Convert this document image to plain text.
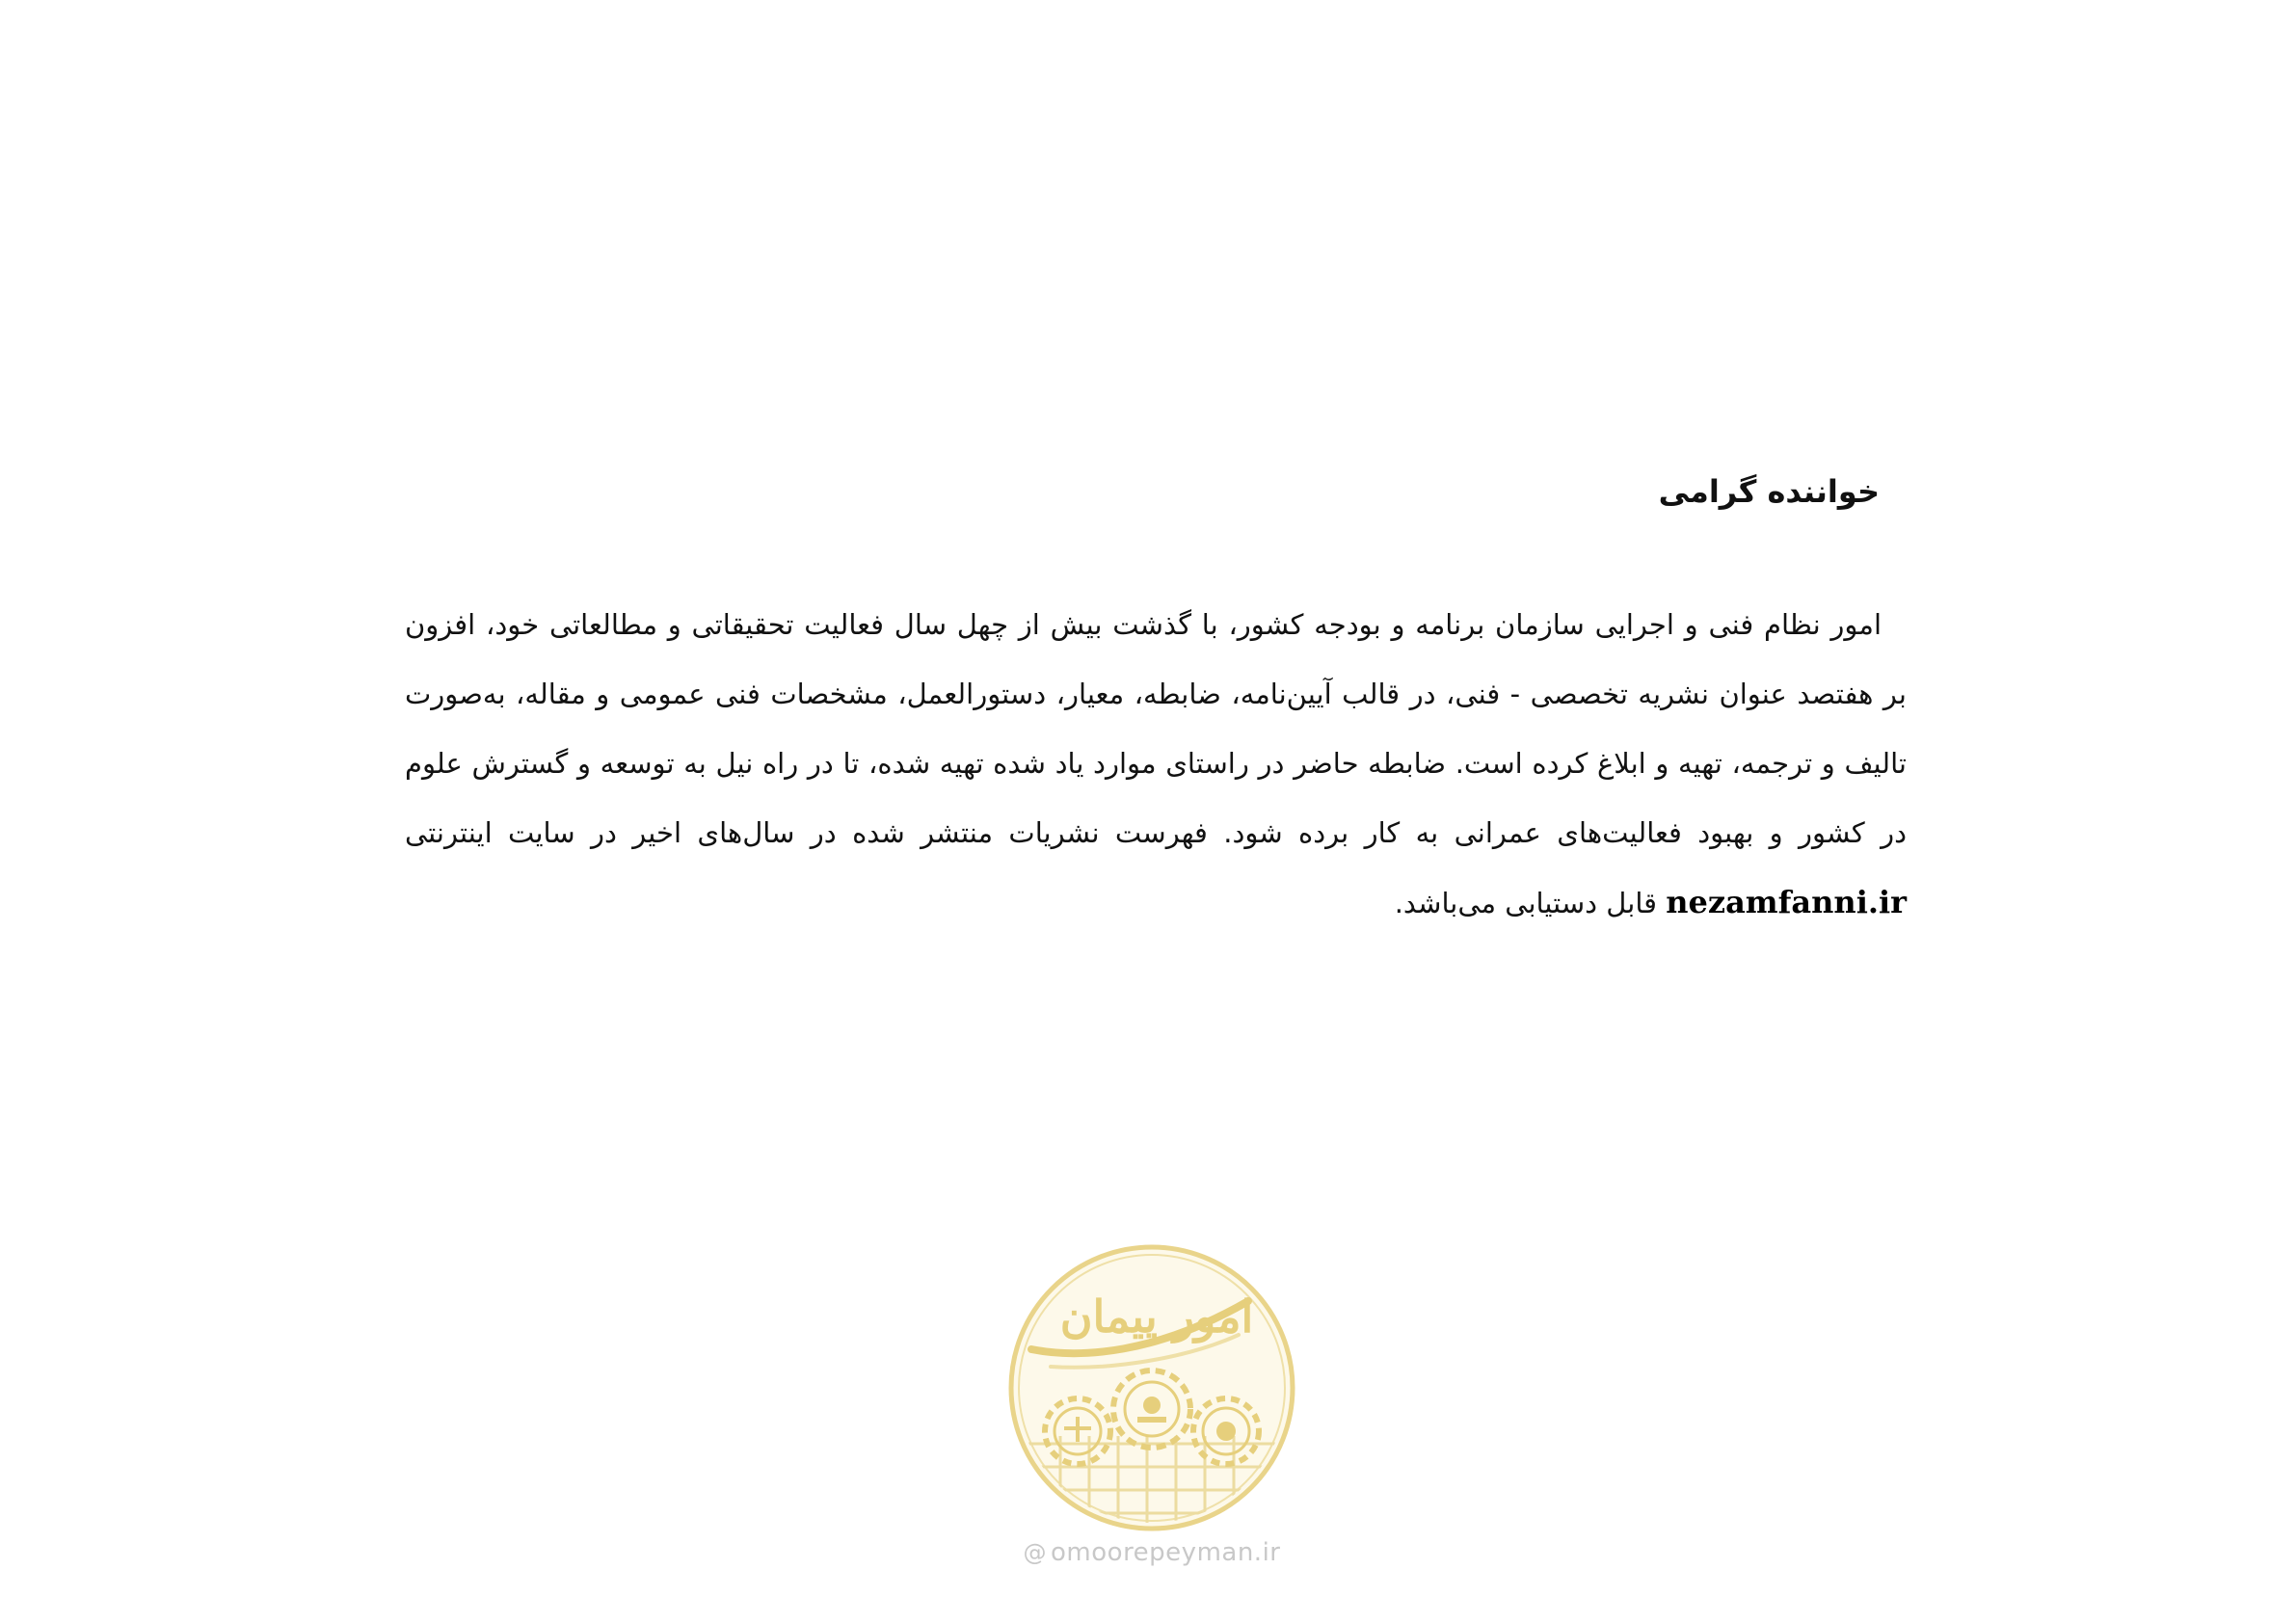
خواننده گرامی

امور نظام فنی و اجرایی سازمان برنامه و بودجه کشور، با گذشت بیش از چهل سال فعالیت تحقیقاتی و مطالعاتی خود، افزون بر هفتصد عنوان نشریه تخصصی - فنی، در قالب آیین‌نامه، ضابطه، معیار، دستورالعمل، مشخصات فنی عمومی و مقاله، به‌صورت تالیف و ترجمه، تهیه و ابلاغ کرده است. ضابطه حاضر در راستای موارد یاد شده تهیه شده، تا در راه نیل به توسعه و گسترش علوم در کشور و بهبود فعالیت‌های عمرانی به کار برده شود. فهرست نشریات منتشر شده در سال‌های اخیر در سایت اینترنتی nezamfanni.ir قابل دستیابی می‌باشد.

امور پیمان
@ omoorepeyman.ir
